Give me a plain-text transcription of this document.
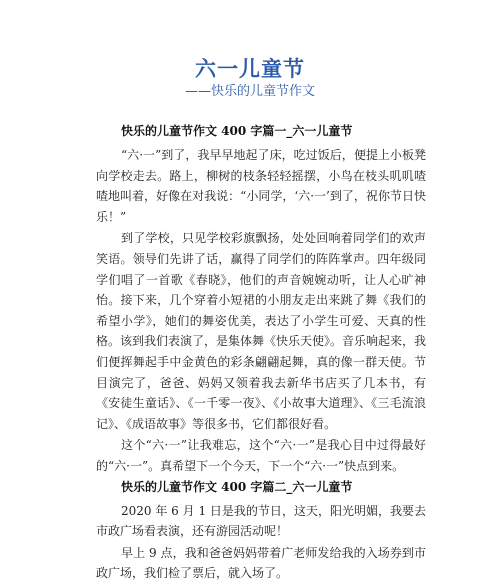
六一儿童节
——快乐的儿童节作文
快乐的儿童节作文 400 字篇一_六一儿童节

“六·一”到了，我早早地起了床，吃过饭后，便提上小板凳向学校走去。路上，柳树的枝条轻轻摇摆，小鸟在枝头叽叽喳喳地叫着，好像在对我说：“小同学，‘六·一’到了，祝你节日快乐！”

到了学校，只见学校彩旗飘扬，处处回响着同学们的欢声笑语。领导们先讲了话，赢得了同学们的阵阵掌声。四年级同学们唱了一首歌《春晓》，他们的声音婉婉动听，让人心旷神怡。接下来，几个穿着小短裙的小朋友走出来跳了舞《我们的希望小学》，她们的舞姿优美，表达了小学生可爱、天真的性格。该到我们表演了，是集体舞《快乐天使》。音乐响起来，我们便挥舞起手中金黄色的彩条翩翩起舞，真的像一群天使。节目演完了，爸爸、妈妈又领着我去新华书店买了几本书，有《安徒生童话》、《一千零一夜》、《小故事大道理》、《三毛流浪记》、《成语故事》等很多书，它们都很好看。

这个“六·一”让我难忘，这个“六·一”是我心目中过得最好的“六·一”。真希望下一个今天，下一个“六·一”快点到来。

快乐的儿童节作文 400 字篇二_六一儿童节

2020 年 6 月 1 日是我的节日，这天，阳光明媚，我要去市政广场看表演，还有游园活动呢！

早上 9 点，我和爸爸妈妈带着广老师发给我的入场券到市政广场，我们检了票后，就入场了。
